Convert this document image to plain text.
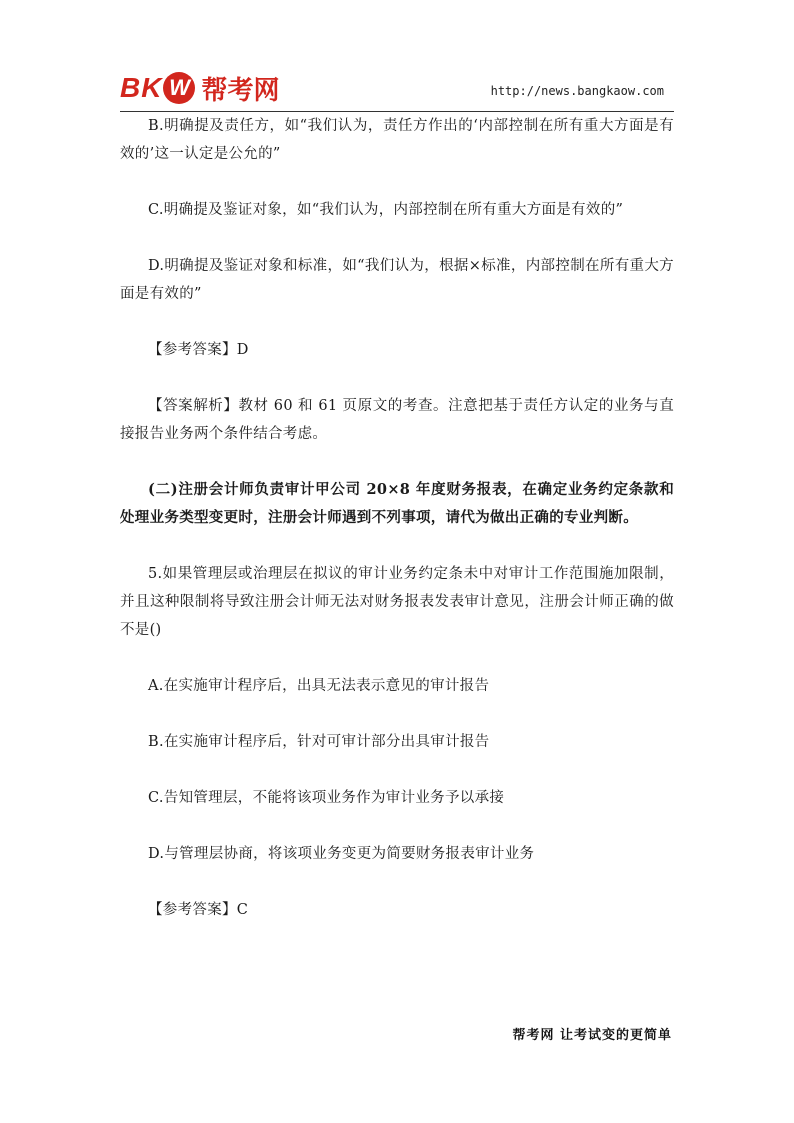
BK W 帮考网	http://news.bangkaow.com

B.明确提及责任方，如“我们认为，责任方作出的‘内部控制在所有重大方面是有效的’这一认定是公允的”

C.明确提及鉴证对象，如“我们认为，内部控制在所有重大方面是有效的”

D.明确提及鉴证对象和标准，如“我们认为，根据×标准，内部控制在所有重大方面是有效的”

【参考答案】D

【答案解析】教材 60 和 61 页原文的考查。注意把基于责任方认定的业务与直接报告业务两个条件结合考虑。

(二)注册会计师负责审计甲公司 20×8 年度财务报表，在确定业务约定条款和处理业务类型变更时，注册会计师遇到不列事项，请代为做出正确的专业判断。

5.如果管理层或治理层在拟议的审计业务约定条未中对审计工作范围施加限制，并且这种限制将导致注册会计师无法对财务报表发表审计意见，注册会计师正确的做不是()

A.在实施审计程序后，出具无法表示意见的审计报告

B.在实施审计程序后，针对可审计部分出具审计报告

C.告知管理层，不能将该项业务作为审计业务予以承接

D.与管理层协商，将该项业务变更为简要财务报表审计业务

【参考答案】C

帮考网 让考试变的更简单
